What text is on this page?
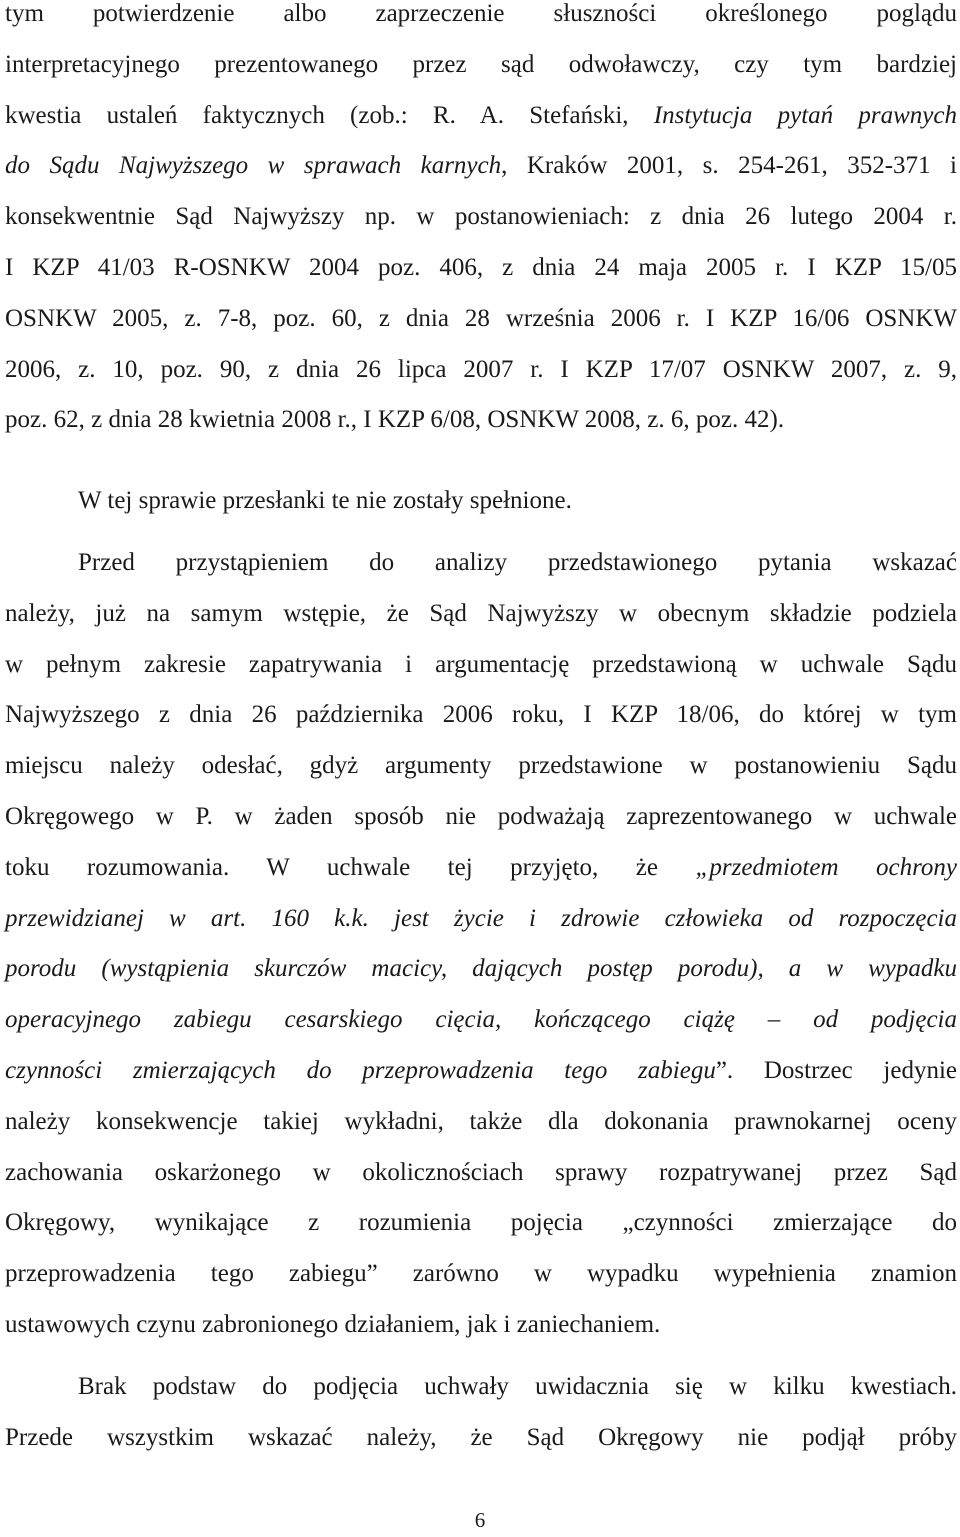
tym potwierdzenie albo zaprzeczenie słuszności określonego poglądu
interpretacyjnego prezentowanego przez sąd odwoławczy, czy tym bardziej
kwestia ustaleń faktycznych (zob.: R. A. Stefański, Instytucja pytań prawnych
do Sądu Najwyższego w sprawach karnych, Kraków 2001, s. 254-261, 352-371 i
konsekwentnie Sąd Najwyższy np. w postanowieniach: z dnia 26 lutego 2004 r.
I KZP 41/03 R-OSNKW 2004 poz. 406, z dnia 24 maja 2005 r. I KZP 15/05
OSNKW 2005, z. 7-8, poz. 60, z dnia 28 września 2006 r. I KZP 16/06 OSNKW
2006, z. 10, poz. 90, z dnia 26 lipca 2007 r. I KZP 17/07 OSNKW 2007, z. 9,
poz. 62, z dnia 28 kwietnia 2008 r., I KZP 6/08, OSNKW 2008, z. 6, poz. 42).
W tej sprawie przesłanki te nie zostały spełnione.
Przed przystąpieniem do analizy przedstawionego pytania wskazać
należy, już na samym wstępie, że Sąd Najwyższy w obecnym składzie podziela
w pełnym zakresie zapatrywania i argumentację przedstawioną w uchwale Sądu
Najwyższego z dnia 26 października 2006 roku, I KZP 18/06, do której w tym
miejscu należy odesłać, gdyż argumenty przedstawione w postanowieniu Sądu
Okręgowego w P. w żaden sposób nie podważają zaprezentowanego w uchwale
toku rozumowania. W uchwale tej przyjęto, że „przedmiotem ochrony
przewidzianej w art. 160 k.k. jest życie i zdrowie człowieka od rozpoczęcia
porodu (wystąpienia skurczów macicy, dających postęp porodu), a w wypadku
operacyjnego zabiegu cesarskiego cięcia, kończącego ciążę – od podjęcia
czynności zmierzających do przeprowadzenia tego zabiegu”. Dostrzec jedynie
należy konsekwencje takiej wykładni, także dla dokonania prawnokarnej oceny
zachowania oskarżonego w okolicznościach sprawy rozpatrywanej przez Sąd
Okręgowy, wynikające z rozumienia pojęcia „czynności zmierzające do
przeprowadzenia tego zabiegu” zarówno w wypadku wypełnienia znamion
ustawowych czynu zabronionego działaniem, jak i zaniechaniem.
Brak podstaw do podjęcia uchwały uwidacznia się w kilku kwestiach.
Przede wszystkim wskazać należy, że Sąd Okręgowy nie podjął próby
6
